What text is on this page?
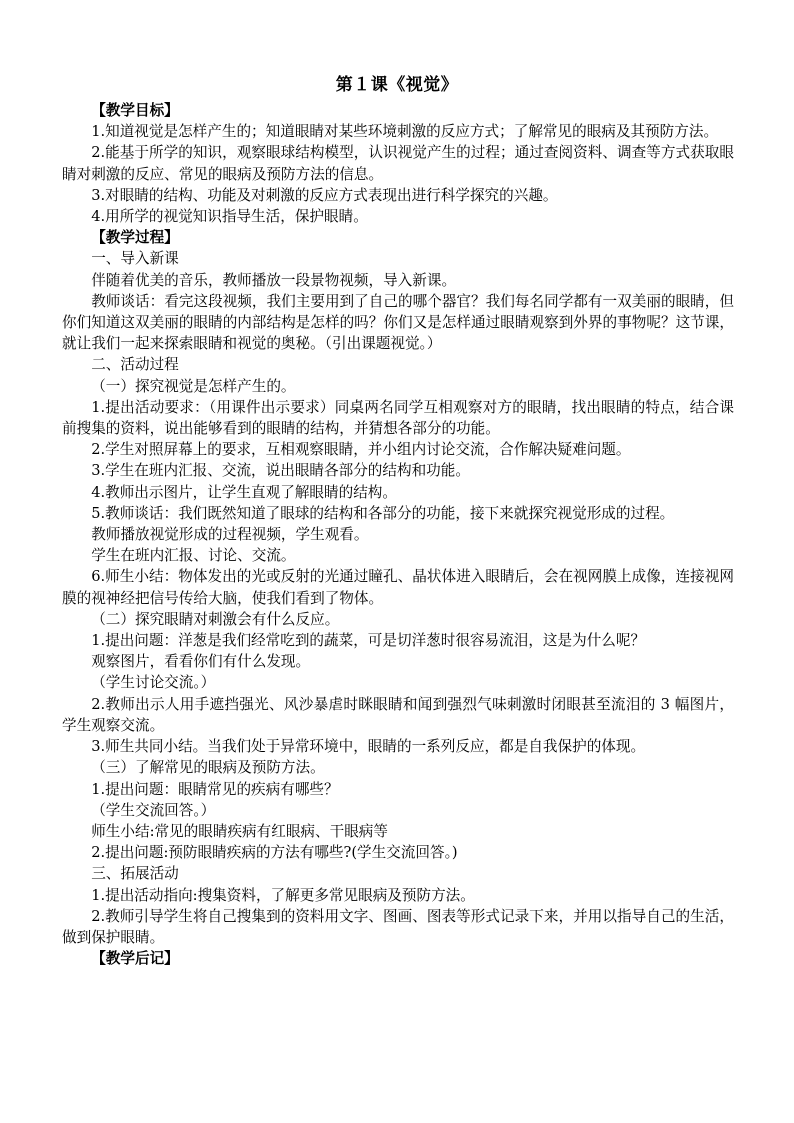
第１课《视觉》

【教学目标】

1.知道视觉是怎样产生的；知道眼睛对某些环境刺激的反应方式；了解常见的眼病及其预防方法。

2.能基于所学的知识，观察眼球结构模型，认识视觉产生的过程；通过查阅资料、调查等方式获取眼睛对刺激的反应、常见的眼病及预防方法的信息。

3.对眼睛的结构、功能及对刺激的反应方式表现出进行科学探究的兴趣。

4.用所学的视觉知识指导生活，保护眼睛。

【教学过程】

一、导入新课

伴随着优美的音乐，教师播放一段景物视频，导入新课。

教师谈话：看完这段视频，我们主要用到了自己的哪个器官？我们每名同学都有一双美丽的眼睛，但你们知道这双美丽的眼睛的内部结构是怎样的吗？你们又是怎样通过眼睛观察到外界的事物呢？这节课，就让我们一起来探索眼睛和视觉的奥秘。（引出课题视觉。）

二、活动过程

（一）探究视觉是怎样产生的。

1.提出活动要求：（用课件出示要求）同桌两名同学互相观察对方的眼睛，找出眼睛的特点，结合课前搜集的资料，说出能够看到的眼睛的结构，并猜想各部分的功能。

2.学生对照屏幕上的要求，互相观察眼睛，并小组内讨论交流，合作解决疑难问题。

3.学生在班内汇报、交流，说出眼睛各部分的结构和功能。

4.教师出示图片，让学生直观了解眼睛的结构。

5.教师谈话：我们既然知道了眼球的结构和各部分的功能，接下来就探究视觉形成的过程。

教师播放视觉形成的过程视频，学生观看。

学生在班内汇报、讨论、交流。

6.师生小结：物体发出的光或反射的光通过瞳孔、晶状体进入眼睛后，会在视网膜上成像，连接视网膜的视神经把信号传给大脑，使我们看到了物体。

（二）探究眼睛对刺激会有什么反应。

1.提出问题：洋葱是我们经常吃到的蔬菜，可是切洋葱时很容易流泪，这是为什么呢？

观察图片，看看你们有什么发现。

（学生讨论交流。）

2.教师出示人用手遮挡强光、风沙暴虐时眯眼睛和闻到强烈气味刺激时闭眼甚至流泪的 3 幅图片，学生观察交流。

3.师生共同小结。当我们处于异常环境中，眼睛的一系列反应，都是自我保护的体现。

（三）了解常见的眼病及预防方法。

1.提出问题：眼睛常见的疾病有哪些？

（学生交流回答。）

师生小结:常见的眼睛疾病有红眼病、干眼病等

2.提出问题:预防眼睛疾病的方法有哪些?(学生交流回答。)

三、拓展活动

1.提出活动指向:搜集资料，了解更多常见眼病及预防方法。

2.教师引导学生将自己搜集到的资料用文字、图画、图表等形式记录下来，并用以指导自己的生活，做到保护眼睛。

【教学后记】
